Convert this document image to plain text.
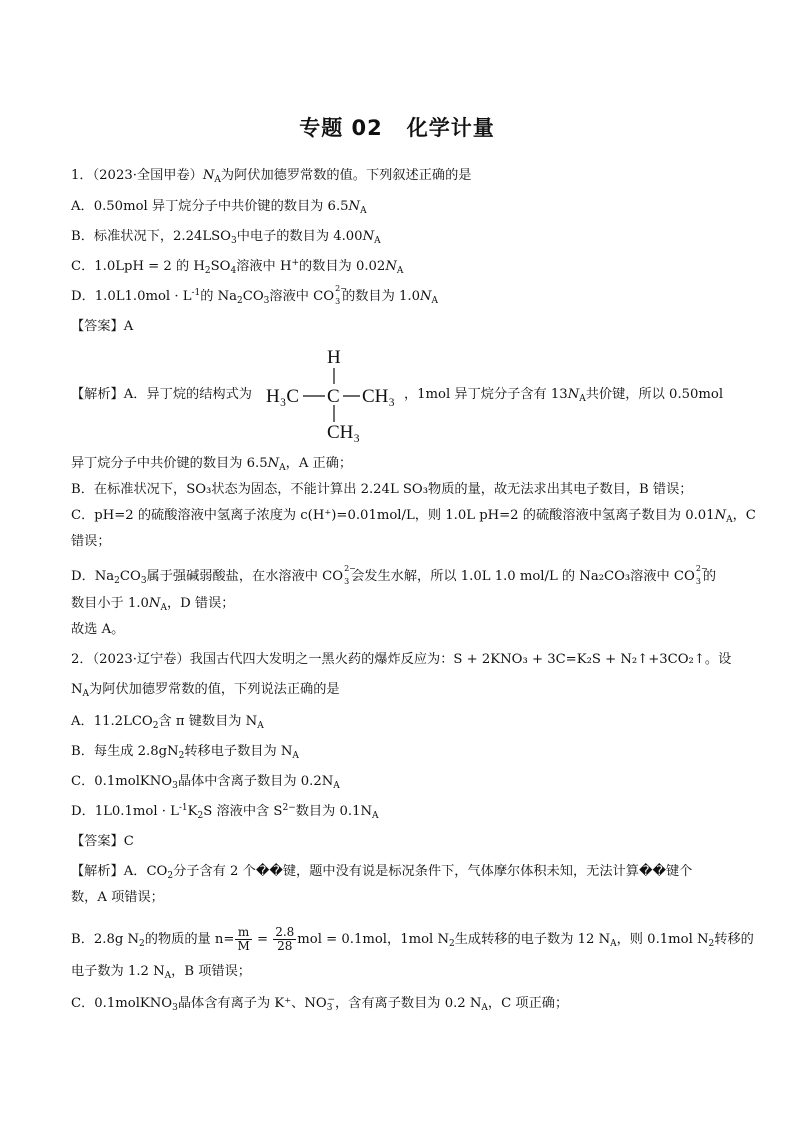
专题 02 化学计量
1．（2023·全国甲卷）$N_A$为阿伏加德罗常数的值。下列叙述正确的是
A．0.50mol 异丁烷分子中共价键的数目为 $6.5N_A$
B．标准状况下，$2.24LSO_3$中电子的数目为 $4.00N_A$
C．1.0LpH = 2 的 $H_2SO_4$溶液中 H+的数目为 $0.02N_A$
D．$1.0L1.0mol \cdot L^{-1}$的 $Na_2CO_3$溶液中 CO
2−
3 的数目为 $1.0N_A$
【答案】A
【解析】A．异丁烷的结构式为	，1mol 异丁烷分子含有 $13N_A$共价键，所以 0.50mol
H
H₃C C CH₃
CH₃
异丁烷分子中共价键的数目为 $6.5N_A$，A 正确；
B．在标准状况下，SO₃状态为固态，不能计算出 2.24L SO₃物质的量，故无法求出其电子数目，B 错误；
C．pH=2 的硫酸溶液中氢离子浓度为 c(H⁺)=0.01mol/L，则 1.0L pH=2 的硫酸溶液中氢离子数目为 $0.01N_A$，C
错误；
D．$Na_2CO_3$属于强碱弱酸盐，在水溶液中 CO
2−
3 会发生水解，所以 1.0L 1.0 mol/L 的 Na₂CO₃溶液中 CO
2−
3 的
数目小于 $1.0N_A$，D 错误；
故选 A。
2．（2023·辽宁卷）我国古代四大发明之一黑火药的爆炸反应为：S + 2KNO₃ + 3C=K₂S + N₂↑+3CO₂↑。设
$N_A$为阿伏加德罗常数的值，下列说法正确的是
A．$11.2LCO_2$含 π 键数目为 $N_A$
B．每生成 $2.8gN_2$转移电子数目为 $N_A$
C．0.1molKNO$_3$晶体中含离子数目为 $0.2N_A$
D．$1L0.1mol \cdot L^{-1}K_2S$ 溶液中含 $S^{2-}$数目为 $0.1N_A$
【答案】C
【解析】A．$CO_2$分子含有 2 个��键，题中没有说是标况条件下，气体摩尔体积未知，无法计算��键个
数，A 项错误；
B．2.8g $N_2$的物质的量 $n= \frac{m}{M} = \frac{2.8}{28}$ mol = 0.1mol，1mol $N_2$生成转移的电子数为 12 $N_A$，则 0.1mol $N_2$转移的
电子数为 1.2 $N_A$，B 项错误；
C．0.1molKNO$_3$晶体含有离子为 K⁺、$NO_3^-$，含有离子数目为 0.2 $N_A$，C 项正确；
